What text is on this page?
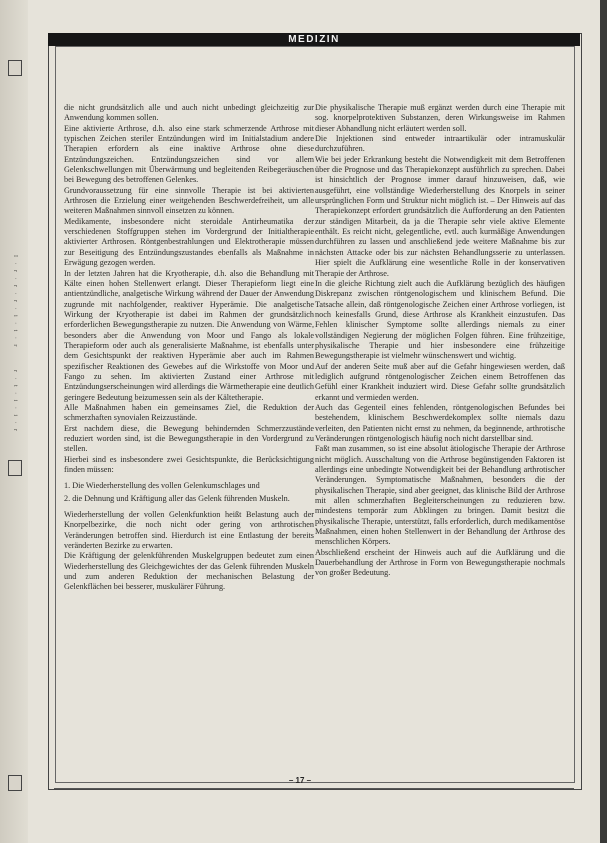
I · r · r · r · i · t · r
r · t · i · i · r
MEDIZIN

die nicht grundsätzlich alle und auch nicht unbedingt gleichzeitig zur Anwendung kommen sollen.

Eine aktivierte Arthrose, d.h. also eine stark schmerzende Arthrose mit typischen Zeichen steriler Entzündungen wird im Initialstadium andere Therapien erfordern als eine inaktive Arthrose ohne diese Entzündungszeichen. Entzündungszeichen sind vor allem Gelenkschwellungen mit Überwärmung und begleitenden Reibegeräuschen bei Bewegung des betroffenen Gelenkes.

Grundvoraussetzung für eine sinnvolle Therapie ist bei aktivierten Arthrosen die Erzielung einer weitgehenden Beschwerdefreiheit, um alle weiteren Maßnahmen sinnvoll einsetzen zu können.

Medikamente, insbesondere nicht steroidale Antirheumatika der verschiedenen Stoffgruppen stehen im Vordergrund der Initialtherapie aktivierter Arthrosen. Röntgenbestrahlungen und Elektrotherapie müssen zur Beseitigung des Entzündungszustandes ebenfalls als Maßnahme in Erwägung gezogen werden.

In der letzten Jahren hat die Kryotherapie, d.h. also die Behandlung mit Kälte einen hohen Stellenwert erlangt. Dieser Therapieform liegt eine antientzündliche, analgetische Wirkung während der Dauer der Anwendung zugrunde mit nachfolgender, reaktiver Hyperämie. Die analgetische Wirkung der Kryotherapie ist dabei im Rahmen der grundsätzlich erforderlichen Bewegungstherapie zu nutzen. Die Anwendung von Wärme, besonders aber die Anwendung von Moor und Fango als lokale Therapieform oder auch als generalisierte Maßnahme, ist ebenfalls unter dem Gesichtspunkt der reaktiven Hyperämie aber auch im Rahmen spezifischer Reaktionen des Gewebes auf die Wirkstoffe von Moor und Fango zu sehen. Im aktivierten Zustand einer Arthrose mit Entzündungserscheinungen wird allerdings die Wärmetherapie eine deutlich geringere Bedeutung beizumessen sein als der Kältetherapie.

Alle Maßnahmen haben ein gemeinsames Ziel, die Reduktion der schmerzhaften synovialen Reizzustände.

Erst nachdem diese, die Bewegung behindernden Schmerzzustände reduziert worden sind, ist die Bewegungstherapie in den Vordergrund zu stellen.

Hierbei sind es insbesondere zwei Gesichtspunkte, die Berücksichtigung finden müssen:

1. Die Wiederherstellung des vollen Gelenkumschlages und
2. die Dehnung und Kräftigung aller das Gelenk führenden Muskeln.

Wiederherstellung der vollen Gelenkfunktion heißt Belastung auch der Knorpelbezirke, die noch nicht oder gering von arthrotischen Veränderungen betroffen sind. Hierdurch ist eine Entlastung der bereits veränderten Bezirke zu erwarten.

Die Kräftigung der gelenkführenden Muskelgruppen bedeutet zum einen Wiederherstellung des Gleichgewichtes der das Gelenk führenden Muskeln und zum anderen Reduktion der mechanischen Belastung der Gelenkflächen bei besserer, muskulärer Führung.

Die physikalische Therapie muß ergänzt werden durch eine Therapie mit sog. knorpelprotektiven Substanzen, deren Wirkungsweise im Rahmen dieser Abhandlung nicht erläutert werden soll.

Die Injektionen sind entweder intraartikulär oder intramuskulär durchzuführen.

Wie bei jeder Erkrankung besteht die Notwendigkeit mit dem Betroffenen über die Prognose und das Therapiekonzept ausführlich zu sprechen. Dabei ist hinsichtlich der Prognose immer darauf hinzuweisen, daß, wie ausgeführt, eine vollständige Wiederherstellung des Knorpels in seiner ursprünglichen Form und Struktur nicht möglich ist. – Der Hinweis auf das Therapiekonzept erfordert grundsätzlich die Aufforderung an den Patienten zur ständigen Mitarbeit, da ja die Therapie sehr viele aktive Elemente enthält. Es reicht nicht, gelegentliche, evtl. auch kurmäßige Anwendungen durchführen zu lassen und anschließend jede weitere Maßnahme bis zur nächsten Attacke oder bis zur nächsten Behandlungsserie zu unterlassen. Hier spielt die Aufklärung eine wesentliche Rolle in der konservativen Therapie der Arthrose.

In die gleiche Richtung zielt auch die Aufklärung bezüglich des häufigen Diskrepanz zwischen röntgenologischem und klinischem Befund. Die Tatsache allein, daß röntgenologische Zeichen einer Arthrose vorliegen, ist noch keinesfalls Grund, diese Arthrose als Krankheit einzustufen. Das Fehlen klinischer Symptome sollte allerdings niemals zu einer vollständigen Negierung der möglichen Folgen führen. Eine frühzeitige, physikalische Therapie und hier insbesondere eine frühzeitige Bewegungstherapie ist vielmehr wünschenswert und wichtig.

Auf der anderen Seite muß aber auf die Gefahr hingewiesen werden, daß lediglich aufgrund röntgenologischer Zeichen einem Betroffenen das Gefühl einer Krankheit induziert wird. Diese Gefahr sollte grundsätzlich erkannt und vermieden werden.

Auch das Gegenteil eines fehlenden, röntgenologischen Befundes bei bestehendem, klinischem Beschwerdekomplex sollte niemals dazu verleiten, den Patienten nicht ernst zu nehmen, da beginnende, arthrotische Veränderungen röntgenologisch häufig noch nicht darstellbar sind.

Faßt man zusammen, so ist eine absolut ätiologische Therapie der Arthrose nicht möglich. Ausschaltung von die Arthrose begünstigenden Faktoren ist allerdings eine unbedingte Notwendigkeit bei der Behandlung arthrotischer Veränderungen. Symptomatische Maßnahmen, besonders die der physikalischen Therapie, sind aber geeignet, das klinische Bild der Arthrose mit allen schmerzhaften Begleiterscheinungen zu reduzieren bzw. mindestens temporär zum Abklingen zu bringen. Damit besitzt die physikalische Therapie, unterstützt, falls erforderlich, durch medikamentöse Maßnahmen, einen hohen Stellenwert in der Behandlung der Arthrose des menschlichen Körpers.

Abschließend erscheint der Hinweis auch auf die Aufklärung und die Dauerbehandlung der Arthrose in Form von Bewegungstherapie nochmals von großer Bedeutung.

– 17 –
